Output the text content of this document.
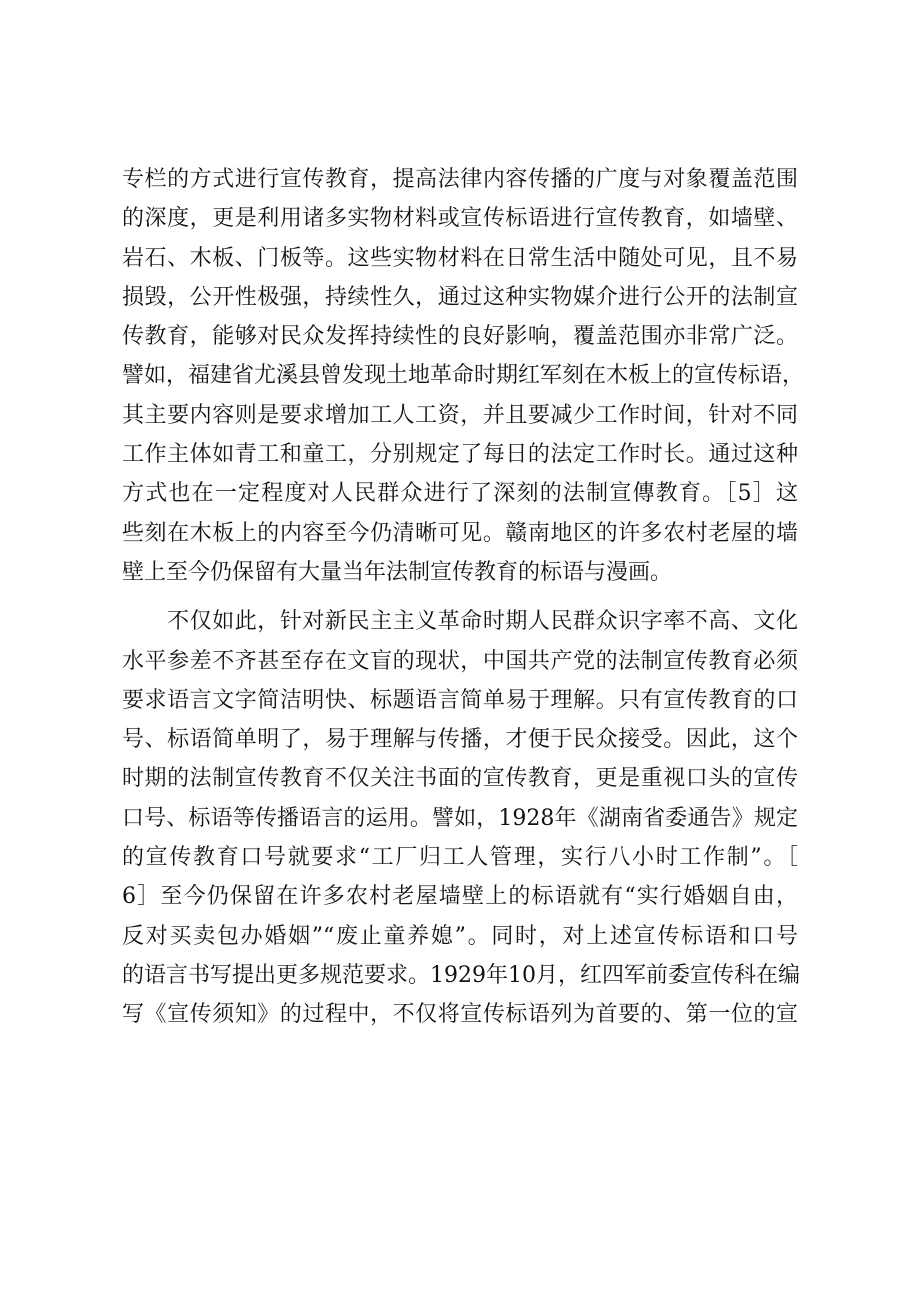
专栏的方式进行宣传教育，提高法律内容传播的广度与对象覆盖范围
的深度，更是利用诸多实物材料或宣传标语进行宣传教育，如墙壁、
岩石、木板、门板等。这些实物材料在日常生活中随处可见，且不易
损毁，公开性极强，持续性久，通过这种实物媒介进行公开的法制宣
传教育，能够对民众发挥持续性的良好影响，覆盖范围亦非常广泛。
譬如，福建省尤溪县曾发现土地革命时期红军刻在木板上的宣传标语，
其主要内容则是要求增加工人工资，并且要减少工作时间，针对不同
工作主体如青工和童工，分别规定了每日的法定工作时长。通过这种
方式也在一定程度对人民群众进行了深刻的法制宣傳教育。［5］这
些刻在木板上的内容至今仍清晰可见。赣南地区的许多农村老屋的墙
壁上至今仍保留有大量当年法制宣传教育的标语与漫画。
　　不仅如此，针对新民主主义革命时期人民群众识字率不高、文化
水平参差不齐甚至存在文盲的现状，中国共产党的法制宣传教育必须
要求语言文字简洁明快、标题语言简单易于理解。只有宣传教育的口
号、标语简单明了，易于理解与传播，才便于民众接受。因此，这个
时期的法制宣传教育不仅关注书面的宣传教育，更是重视口头的宣传
口号、标语等传播语言的运用。譬如，1928年《湖南省委通告》规定
的宣传教育口号就要求“工厂归工人管理，实行八小时工作制”。［
6］至今仍保留在许多农村老屋墙壁上的标语就有“实行婚姻自由，
反对买卖包办婚姻”“废止童养媳”。同时，对上述宣传标语和口号
的语言书写提出更多规范要求。1929年10月，红四军前委宣传科在编
写《宣传须知》的过程中，不仅将宣传标语列为首要的、第一位的宣
